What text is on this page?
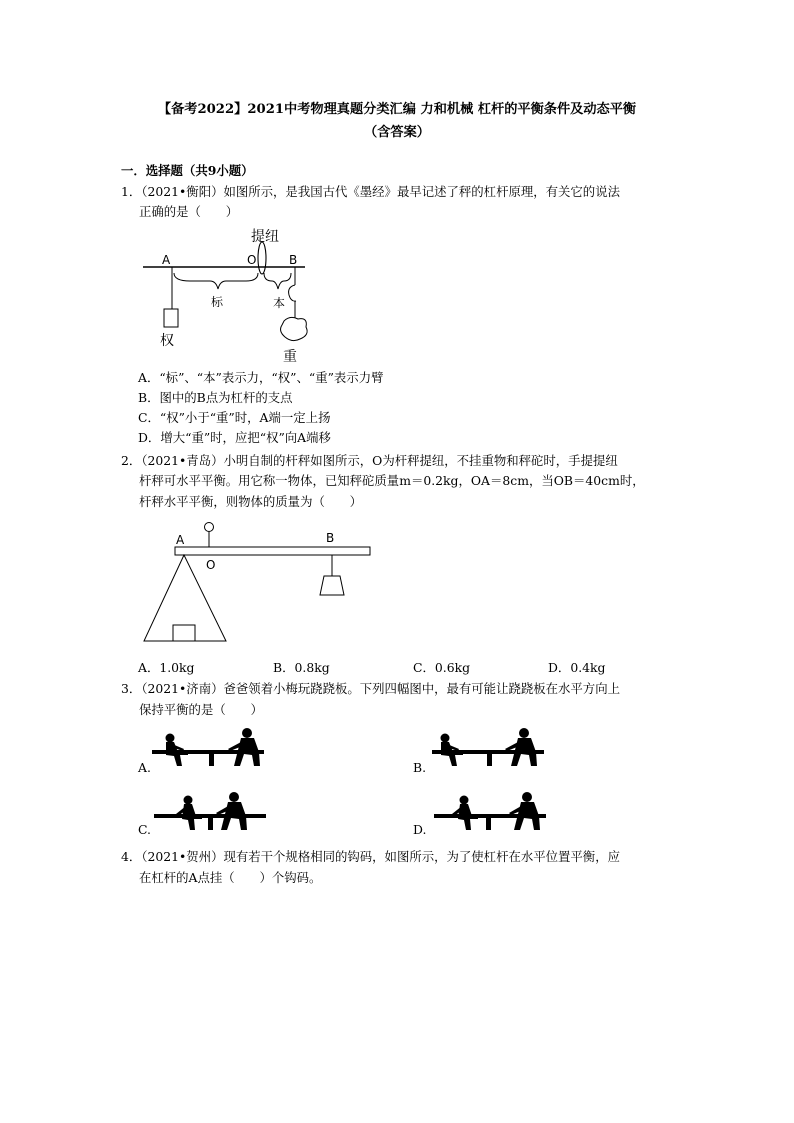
【备考2022】2021中考物理真题分类汇编 力和机械 杠杆的平衡条件及动态平衡
（含答案）
一．选择题（共9小题）
1．（2021•衡阳）如图所示，是我国古代《墨经》最早记述了秤的杠杆原理，有关它的说法
正确的是（　　）
提纽
A	O	B
权
标	本
重
A．“标”、“本”表示力，“权”、“重”表示力臂
B．图中的B点为杠杆的支点
C．“权”小于“重”时，A端一定上扬
D．增大“重”时，应把“权”向A端移
2．（2021•青岛）小明自制的杆秤如图所示，O为杆秤提纽，不挂重物和秤砣时，手提提纽
杆秤可水平平衡。用它称一物体，已知秤砣质量m＝0.2kg，OA＝8cm，当OB＝40cm时，
杆秤水平平衡，则物体的质量为（　　）
A
O
B
A．1.0kg	B．0.8kg	C．0.6kg	D．0.4kg
3．（2021•济南）爸爸领着小梅玩跷跷板。下列四幅图中，最有可能让跷跷板在水平方向上
保持平衡的是（　　）
A.	B.
C.	D.
4．（2021•贺州）现有若干个规格相同的钩码，如图所示，为了使杠杆在水平位置平衡，应
在杠杆的A点挂（　　）个钩码。
